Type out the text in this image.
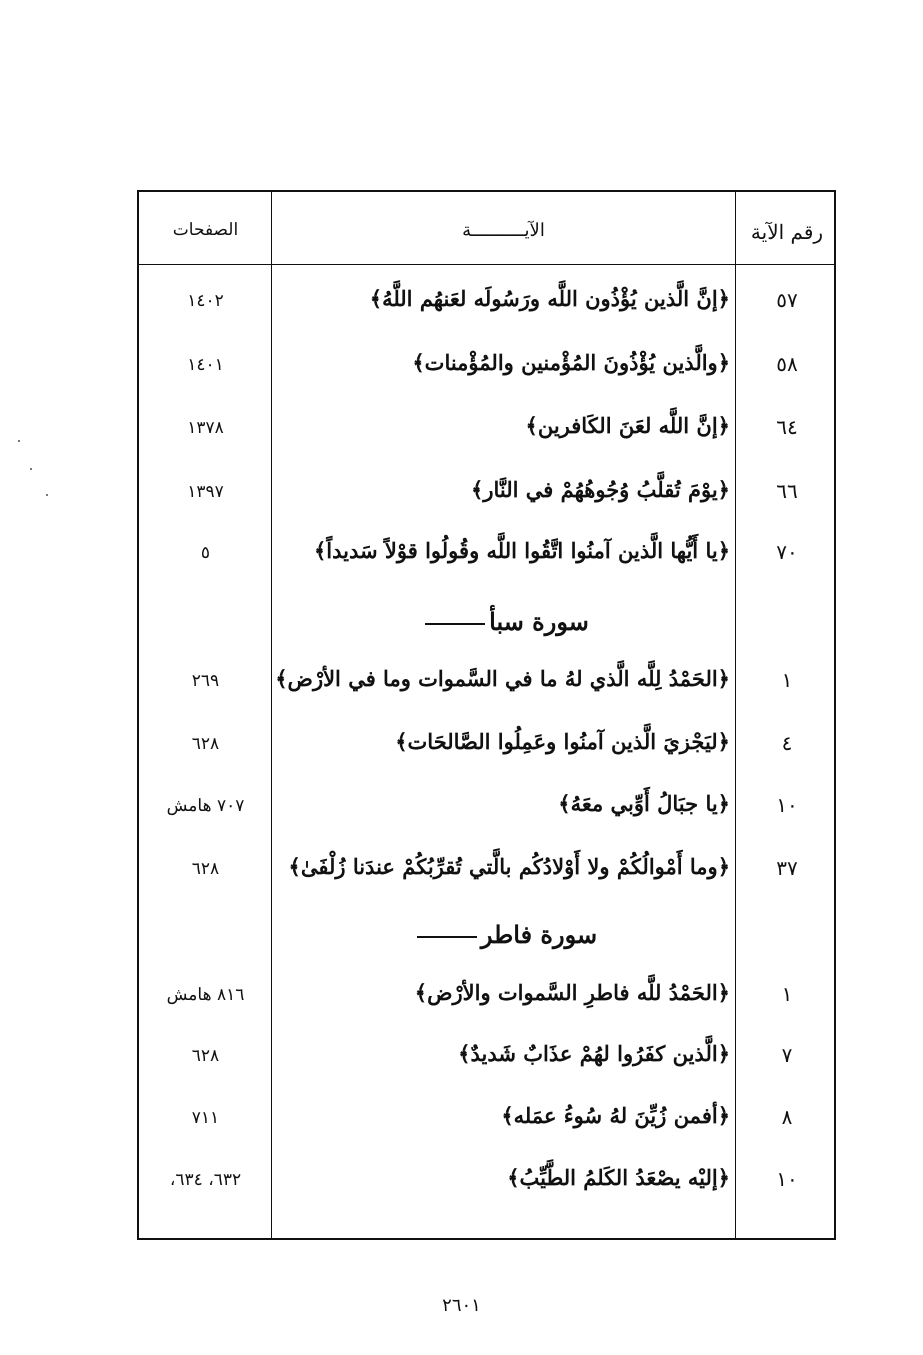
رقم الآية
الآيــــــــــة
الصفحات
٥٧
﴿إنَّ الَّذين يُؤْذُون اللَّه ورَسُولَه لعَنهُم اللَّهُ﴾
١٤٠٢
٥٨
﴿والَّذين يُؤْذُونَ المُؤْمنين والمُؤْمنات﴾
١٤٠١
٦٤
﴿إنَّ اللَّه لعَنَ الكَافرين﴾
١٣٧٨
٦٦
﴿يوْمَ تُقلَّبُ وُجُوهُهُمْ في النَّار﴾
١٣٩٧
٧٠
﴿يا أَيُّها الَّذين آمنُوا اتَّقُوا اللَّه وقُولُوا قوْلاً سَديداً﴾
٥
سورة سبأ
١
﴿الحَمْدُ لِلَّه الَّذي لهُ ما في السَّموات وما في الأرْض﴾
٢٦٩
٤
﴿ليَجْزيَ الَّذين آمنُوا وعَمِلُوا الصَّالحَات﴾
٦٢٨
١٠
﴿يا جبَالُ أَوِّبي معَهُ﴾
٧٠٧ هامش
٣٧
﴿وما أَمْوالُكُمْ ولا أَوْلادُكُم بالَّتي تُقرِّبُكُمْ عندَنا زُلْفَىٰ﴾
٦٢٨
سورة فاطر
١
﴿الحَمْدُ للَّه فاطرِ السَّموات والأرْض﴾
٨١٦ هامش
٧
﴿الَّذين كفَرُوا لهُمْ عذَابٌ شَديدٌ﴾
٦٢٨
٨
﴿أفمن زُيِّنَ لهُ سُوءُ عمَله﴾
٧١١
١٠
﴿إليْه يصْعَدُ الكَلمُ الطَّيِّبُ﴾
٦٣٢، ٦٣٤،
٢٦٠١
